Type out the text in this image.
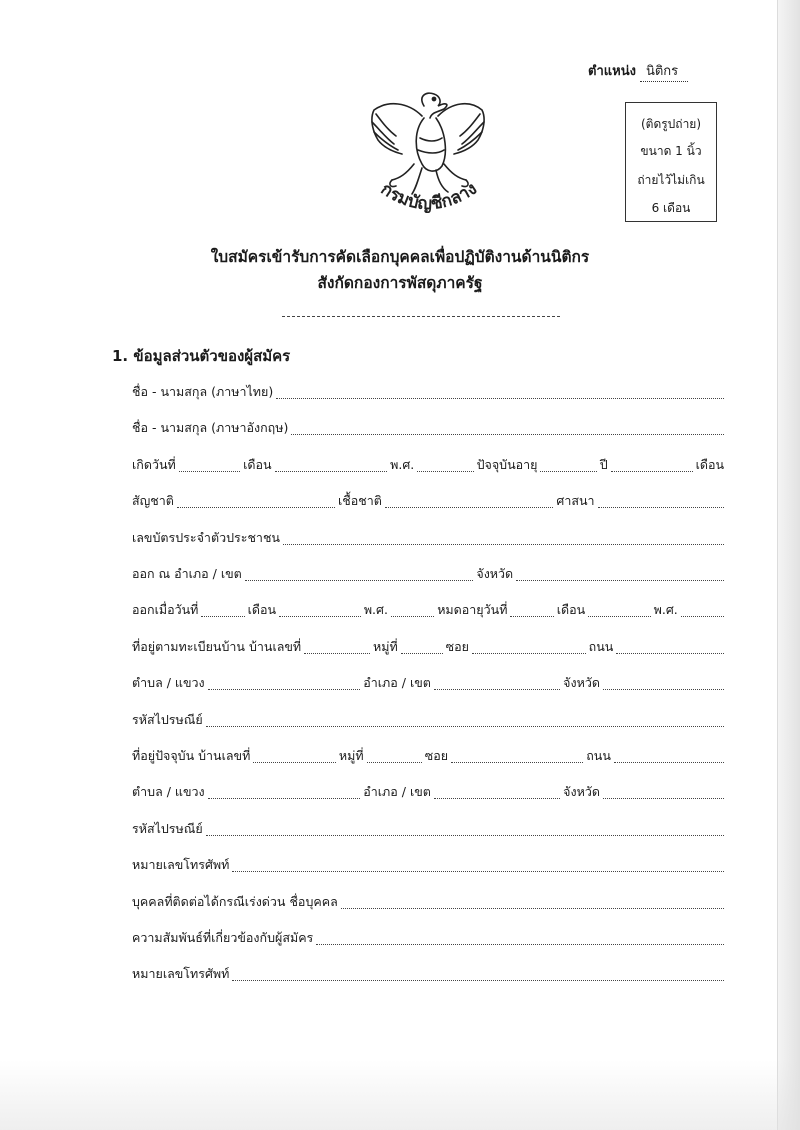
ตำแหน่ง นิติกร
(ติดรูปถ่าย)
ขนาด 1 นิ้ว
ถ่ายไว้ไม่เกิน
6 เดือน
กรมบัญชีกลาง
ใบสมัครเข้ารับการคัดเลือกบุคคลเพื่อปฏิบัติงานด้านนิติกร
สังกัดกองการพัสดุภาครัฐ
1. ข้อมูลส่วนตัวของผู้สมัคร
ชื่อ - นามสกุล (ภาษาไทย)
ชื่อ - นามสกุล (ภาษาอังกฤษ)
เกิดวันที่	เดือน	พ.ศ.	ปัจจุบันอายุ	ปี	เดือน
สัญชาติ	เชื้อชาติ	ศาสนา
เลขบัตรประจำตัวประชาชน
ออก ณ อำเภอ / เขต	จังหวัด
ออกเมื่อวันที่	เดือน	พ.ศ.	หมดอายุวันที่	เดือน	พ.ศ.
ที่อยู่ตามทะเบียนบ้าน บ้านเลขที่	หมู่ที่	ซอย	ถนน
ตำบล / แขวง	อำเภอ / เขต	จังหวัด
รหัสไปรษณีย์
ที่อยู่ปัจจุบัน บ้านเลขที่	หมู่ที่	ซอย	ถนน
ตำบล / แขวง	อำเภอ / เขต	จังหวัด
รหัสไปรษณีย์
หมายเลขโทรศัพท์
บุคคลที่ติดต่อได้กรณีเร่งด่วน ชื่อบุคคล
ความสัมพันธ์ที่เกี่ยวข้องกับผู้สมัคร
หมายเลขโทรศัพท์
